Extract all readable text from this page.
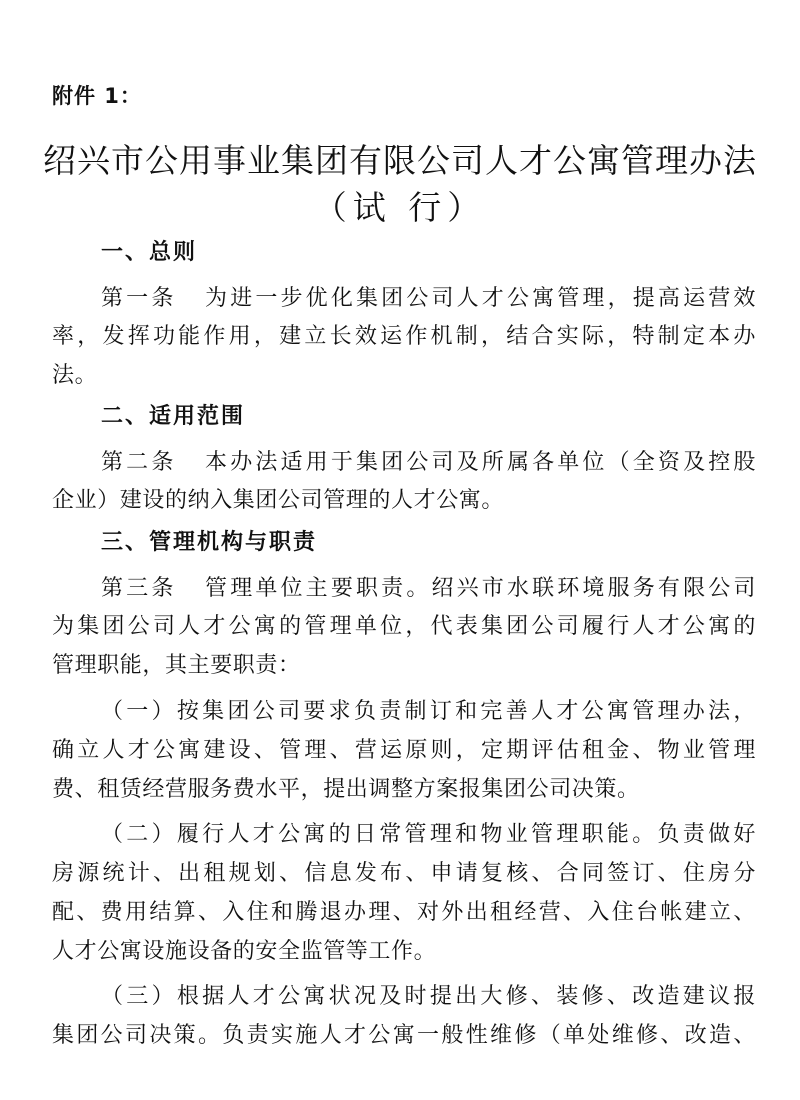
附件 1：
绍兴市公用事业集团有限公司人才公寓管理办法
（试 行）
一、总则
第一条 为进一步优化集团公司人才公寓管理，提高运营效
率，发挥功能作用，建立长效运作机制，结合实际，特制定本办
法。
二、适用范围
第二条 本办法适用于集团公司及所属各单位（全资及控股
企业）建设的纳入集团公司管理的人才公寓。
三、管理机构与职责
第三条 管理单位主要职责。绍兴市水联环境服务有限公司
为集团公司人才公寓的管理单位，代表集团公司履行人才公寓的
管理职能，其主要职责：
（一）按集团公司要求负责制订和完善人才公寓管理办法，
确立人才公寓建设、管理、营运原则，定期评估租金、物业管理
费、租赁经营服务费水平，提出调整方案报集团公司决策。
（二）履行人才公寓的日常管理和物业管理职能。负责做好
房源统计、出租规划、信息发布、申请复核、合同签订、住房分
配、费用结算、入住和腾退办理、对外出租经营、入住台帐建立、
人才公寓设施设备的安全监管等工作。
（三）根据人才公寓状况及时提出大修、装修、改造建议报
集团公司决策。负责实施人才公寓一般性维修（单处维修、改造、
